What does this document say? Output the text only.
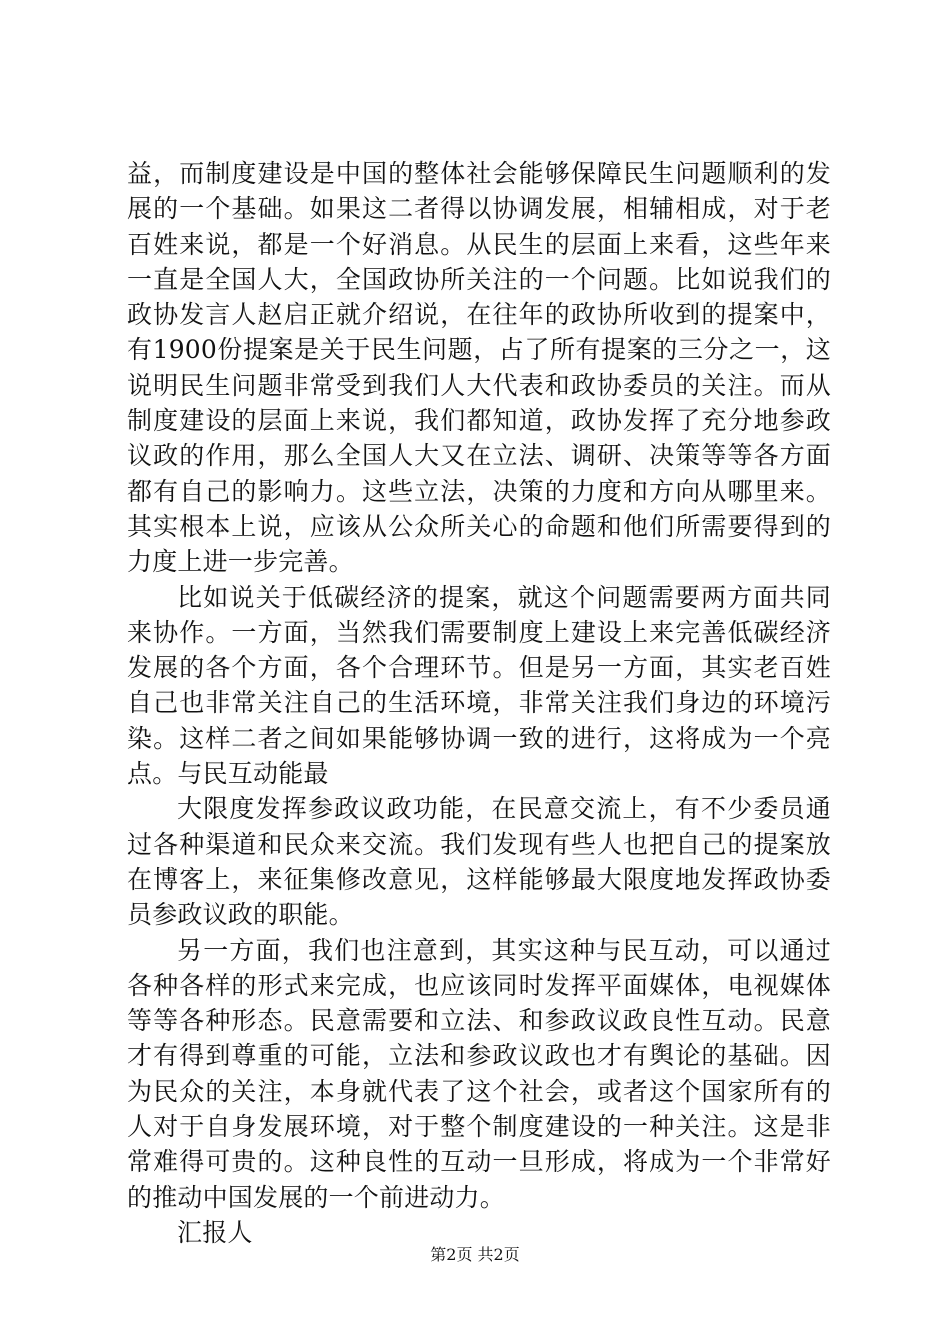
益，而制度建设是中国的整体社会能够保障民生问题顺利的发展的一个基础。如果这二者得以协调发展，相辅相成，对于老百姓来说，都是一个好消息。从民生的层面上来看，这些年来一直是全国人大，全国政协所关注的一个问题。比如说我们的政协发言人赵启正就介绍说，在往年的政协所收到的提案中，有1900份提案是关于民生问题，占了所有提案的三分之一，这说明民生问题非常受到我们人大代表和政协委员的关注。而从制度建设的层面上来说，我们都知道，政协发挥了充分地参政议政的作用，那么全国人大又在立法、调研、决策等等各方面都有自己的影响力。这些立法，决策的力度和方向从哪里来。其实根本上说，应该从公众所关心的命题和他们所需要得到的力度上进一步完善。

比如说关于低碳经济的提案，就这个问题需要两方面共同来协作。一方面，当然我们需要制度上建设上来完善低碳经济发展的各个方面，各个合理环节。但是另一方面，其实老百姓自己也非常关注自己的生活环境，非常关注我们身边的环境污染。这样二者之间如果能够协调一致的进行，这将成为一个亮点。与民互动能最

大限度发挥参政议政功能，在民意交流上，有不少委员通过各种渠道和民众来交流。我们发现有些人也把自己的提案放在博客上，来征集修改意见，这样能够最大限度地发挥政协委员参政议政的职能。

另一方面，我们也注意到，其实这种与民互动，可以通过各种各样的形式来完成，也应该同时发挥平面媒体，电视媒体等等各种形态。民意需要和立法、和参政议政良性互动。民意才有得到尊重的可能，立法和参政议政也才有舆论的基础。因为民众的关注，本身就代表了这个社会，或者这个国家所有的人对于自身发展环境，对于整个制度建设的一种关注。这是非常难得可贵的。这种良性的互动一旦形成，将成为一个非常好的推动中国发展的一个前进动力。

汇报人

第2页 共2页
